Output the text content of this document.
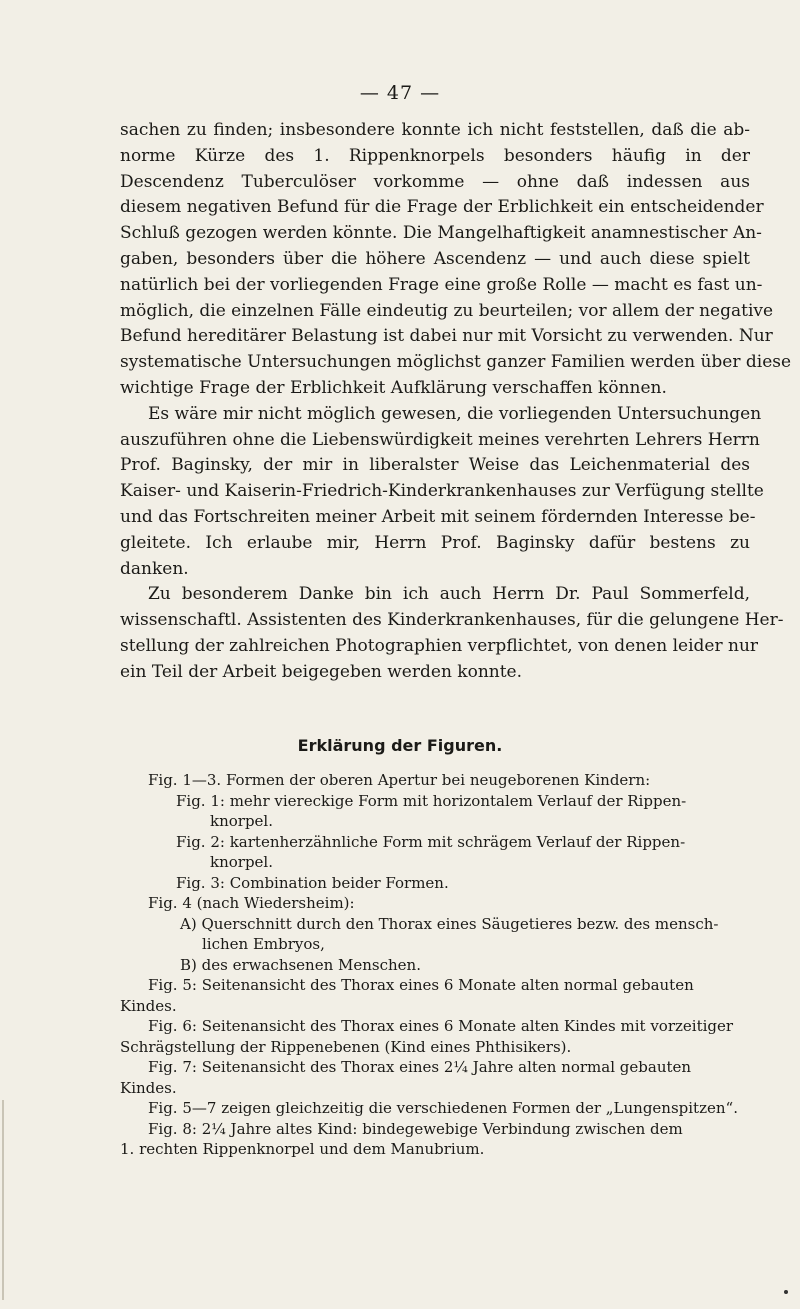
— 47 —
sachen zu finden; insbesondere konnte ich nicht feststellen, daß die ab-
norme Kürze des 1. Rippenknorpels besonders häufig in der
Descendenz Tuberculöser vorkomme — ohne daß indessen aus
diesem negativen Befund für die Frage der Erblichkeit ein entscheidender
Schluß gezogen werden könnte. Die Mangelhaftigkeit anamnestischer An-
gaben, besonders über die höhere Ascendenz — und auch diese spielt
natürlich bei der vorliegenden Frage eine große Rolle — macht es fast un-
möglich, die einzelnen Fälle eindeutig zu beurteilen; vor allem der negative
Befund hereditärer Belastung ist dabei nur mit Vorsicht zu verwenden. Nur
systematische Untersuchungen möglichst ganzer Familien werden über diese
wichtige Frage der Erblichkeit Aufklärung verschaffen können.
Es wäre mir nicht möglich gewesen, die vorliegenden Untersuchungen
auszuführen ohne die Liebenswürdigkeit meines verehrten Lehrers Herrn
Prof. Baginsky, der mir in liberalster Weise das Leichenmaterial des
Kaiser- und Kaiserin-Friedrich-Kinderkrankenhauses zur Verfügung stellte
und das Fortschreiten meiner Arbeit mit seinem fördernden Interesse be-
gleitete. Ich erlaube mir, Herrn Prof. Baginsky dafür bestens zu
danken.
Zu besonderem Danke bin ich auch Herrn Dr. Paul Sommerfeld,
wissenschaftl. Assistenten des Kinderkrankenhauses, für die gelungene Her-
stellung der zahlreichen Photographien verpflichtet, von denen leider nur
ein Teil der Arbeit beigegeben werden konnte.
Erklärung der Figuren.
Fig. 1—3. Formen der oberen Apertur bei neugeborenen Kindern:
Fig. 1: mehr viereckige Form mit horizontalem Verlauf der Rippen-
knorpel.
Fig. 2: kartenherzähnliche Form mit schrägem Verlauf der Rippen-
knorpel.
Fig. 3: Combination beider Formen.
Fig. 4 (nach Wiedersheim):
A) Querschnitt durch den Thorax eines Säugetieres bezw. des mensch-
lichen Embryos,
B) des erwachsenen Menschen.
Fig. 5: Seitenansicht des Thorax eines 6 Monate alten normal gebauten
Kindes.
Fig. 6: Seitenansicht des Thorax eines 6 Monate alten Kindes mit vorzeitiger
Schrägstellung der Rippenebenen (Kind eines Phthisikers).
Fig. 7: Seitenansicht des Thorax eines 2¼ Jahre alten normal gebauten
Kindes.
Fig. 5—7 zeigen gleichzeitig die verschiedenen Formen der „Lungenspitzen“.
Fig. 8: 2¼ Jahre altes Kind: bindegewebige Verbindung zwischen dem
1. rechten Rippenknorpel und dem Manubrium.
